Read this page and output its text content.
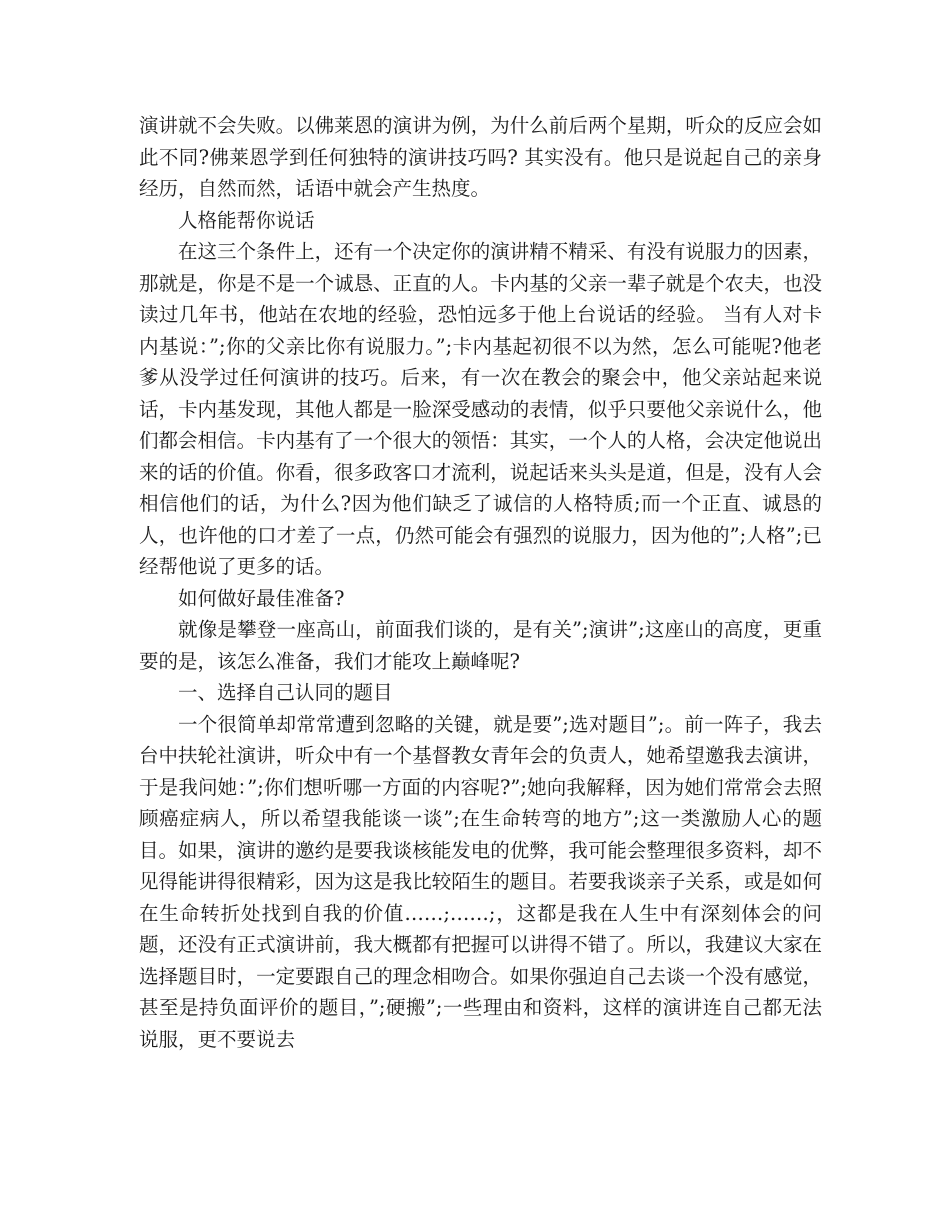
演讲就不会失败。以佛莱恩的演讲为例，为什么前后两个星期，听众的反应会如此不同?佛莱恩学到任何独特的演讲技巧吗? 其实没有。他只是说起自己的亲身经历，自然而然，话语中就会产生热度。

人格能帮你说话

在这三个条件上，还有一个决定你的演讲精不精采、有没有说服力的因素，那就是，你是不是一个诚恳、正直的人。卡内基的父亲一辈子就是个农夫，也没读过几年书，他站在农地的经验，恐怕远多于他上台说话的经验。 当有人对卡内基说：”;你的父亲比你有说服力。”;卡内基起初很不以为然，怎么可能呢?他老爹从没学过任何演讲的技巧。后来，有一次在教会的聚会中，他父亲站起来说话，卡内基发现，其他人都是一脸深受感动的表情，似乎只要他父亲说什么，他们都会相信。卡内基有了一个很大的领悟：其实，一个人的人格，会决定他说出来的话的价值。你看，很多政客口才流利，说起话来头头是道，但是，没有人会相信他们的话，为什么?因为他们缺乏了诚信的人格特质;而一个正直、诚恳的人，也许他的口才差了一点，仍然可能会有强烈的说服力，因为他的”;人格”;已经帮他说了更多的话。

如何做好最佳准备?

就像是攀登一座高山，前面我们谈的，是有关”;演讲”;这座山的高度，更重要的是，该怎么准备，我们才能攻上巅峰呢?

一、选择自己认同的题目

一个很简单却常常遭到忽略的关键，就是要”;选对题目”;。前一阵子，我去台中扶轮社演讲，听众中有一个基督教女青年会的负责人，她希望邀我去演讲，于是我问她：”;你们想听哪一方面的内容呢?”;她向我解释，因为她们常常会去照顾癌症病人，所以希望我能谈一谈”;在生命转弯的地方”;这一类激励人心的题目。如果，演讲的邀约是要我谈核能发电的优弊，我可能会整理很多资料，却不见得能讲得很精彩，因为这是我比较陌生的题目。若要我谈亲子关系，或是如何在生命转折处找到自我的价值……;……;，这都是我在人生中有深刻体会的问题，还没有正式演讲前，我大概都有把握可以讲得不错了。所以，我建议大家在选择题目时，一定要跟自己的理念相吻合。如果你强迫自己去谈一个没有感觉，甚至是持负面评价的题目，”;硬搬”;一些理由和资料，这样的演讲连自己都无法说服，更不要说去
